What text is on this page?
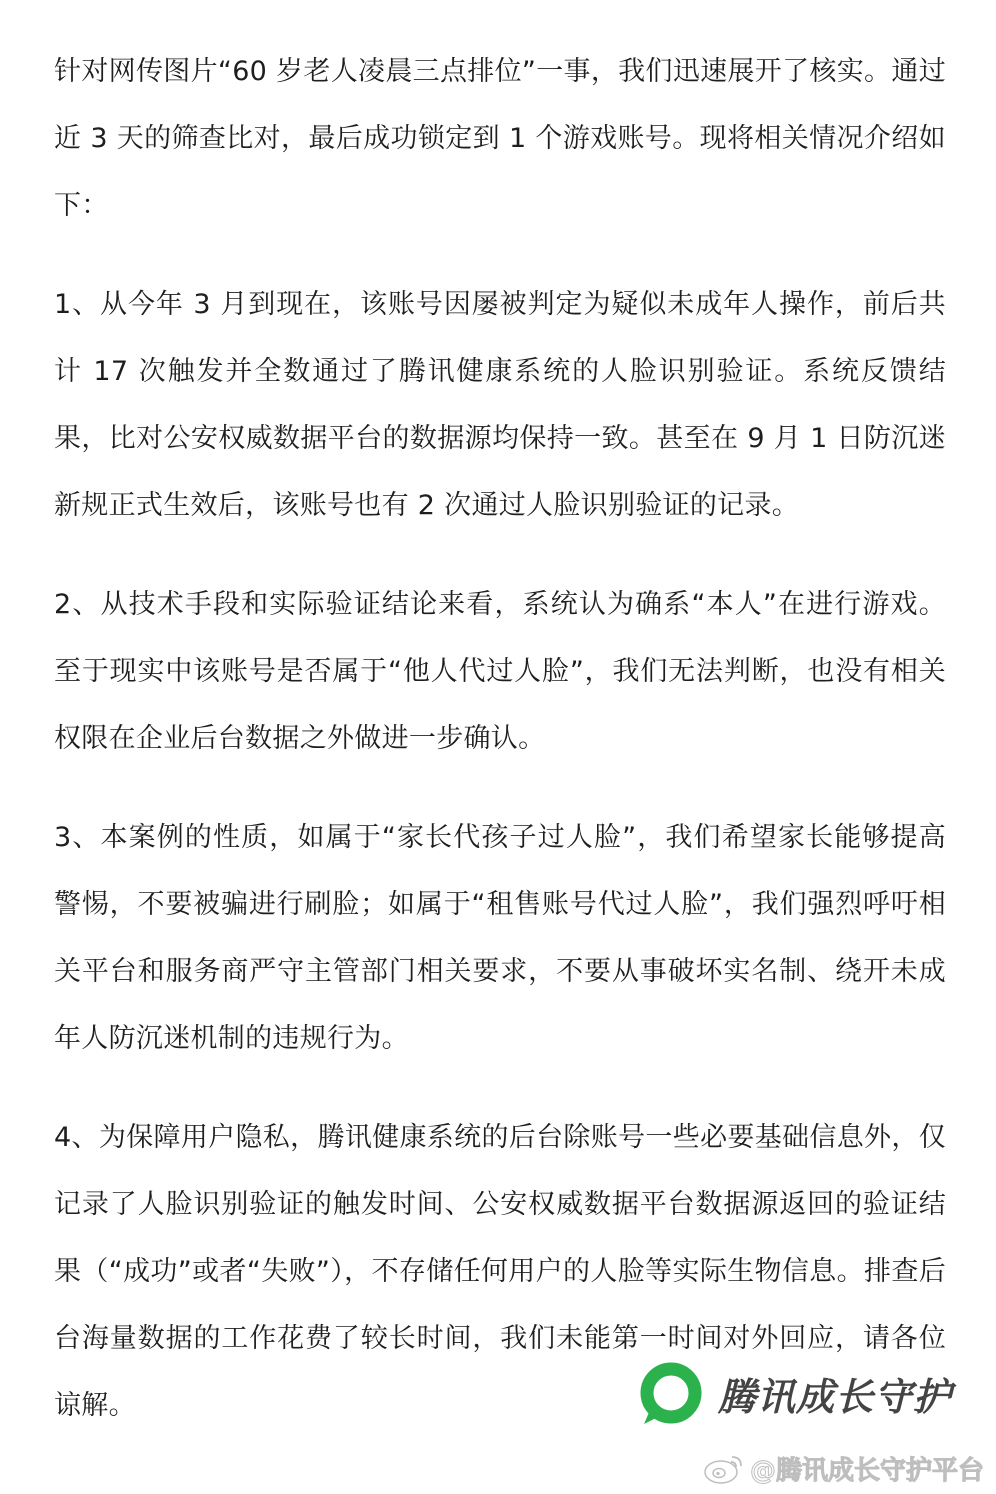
针对网传图片“60 岁老人凌晨三点排位”一事，我们迅速展开了核实。通过近 3 天的筛查比对，最后成功锁定到 1 个游戏账号。现将相关情况介绍如下：

1、从今年 3 月到现在，该账号因屡被判定为疑似未成年人操作，前后共计 17 次触发并全数通过了腾讯健康系统的人脸识别验证。系统反馈结果，比对公安权威数据平台的数据源均保持一致。甚至在 9 月 1 日防沉迷新规正式生效后，该账号也有 2 次通过人脸识别验证的记录。

2、从技术手段和实际验证结论来看，系统认为确系“本人”在进行游戏。至于现实中该账号是否属于“他人代过人脸”，我们无法判断，也没有相关权限在企业后台数据之外做进一步确认。

3、本案例的性质，如属于“家长代孩子过人脸”，我们希望家长能够提高警惕，不要被骗进行刷脸；如属于“租售账号代过人脸”，我们强烈呼吁相关平台和服务商严守主管部门相关要求，不要从事破坏实名制、绕开未成年人防沉迷机制的违规行为。

4、为保障用户隐私，腾讯健康系统的后台除账号一些必要基础信息外，仅记录了人脸识别验证的触发时间、公安权威数据平台数据源返回的验证结果（“成功”或者“失败”），不存储任何用户的人脸等实际生物信息。排查后台海量数据的工作花费了较长时间，我们未能第一时间对外回应，请各位谅解。	腾讯成长守护
@腾讯成长守护平台
